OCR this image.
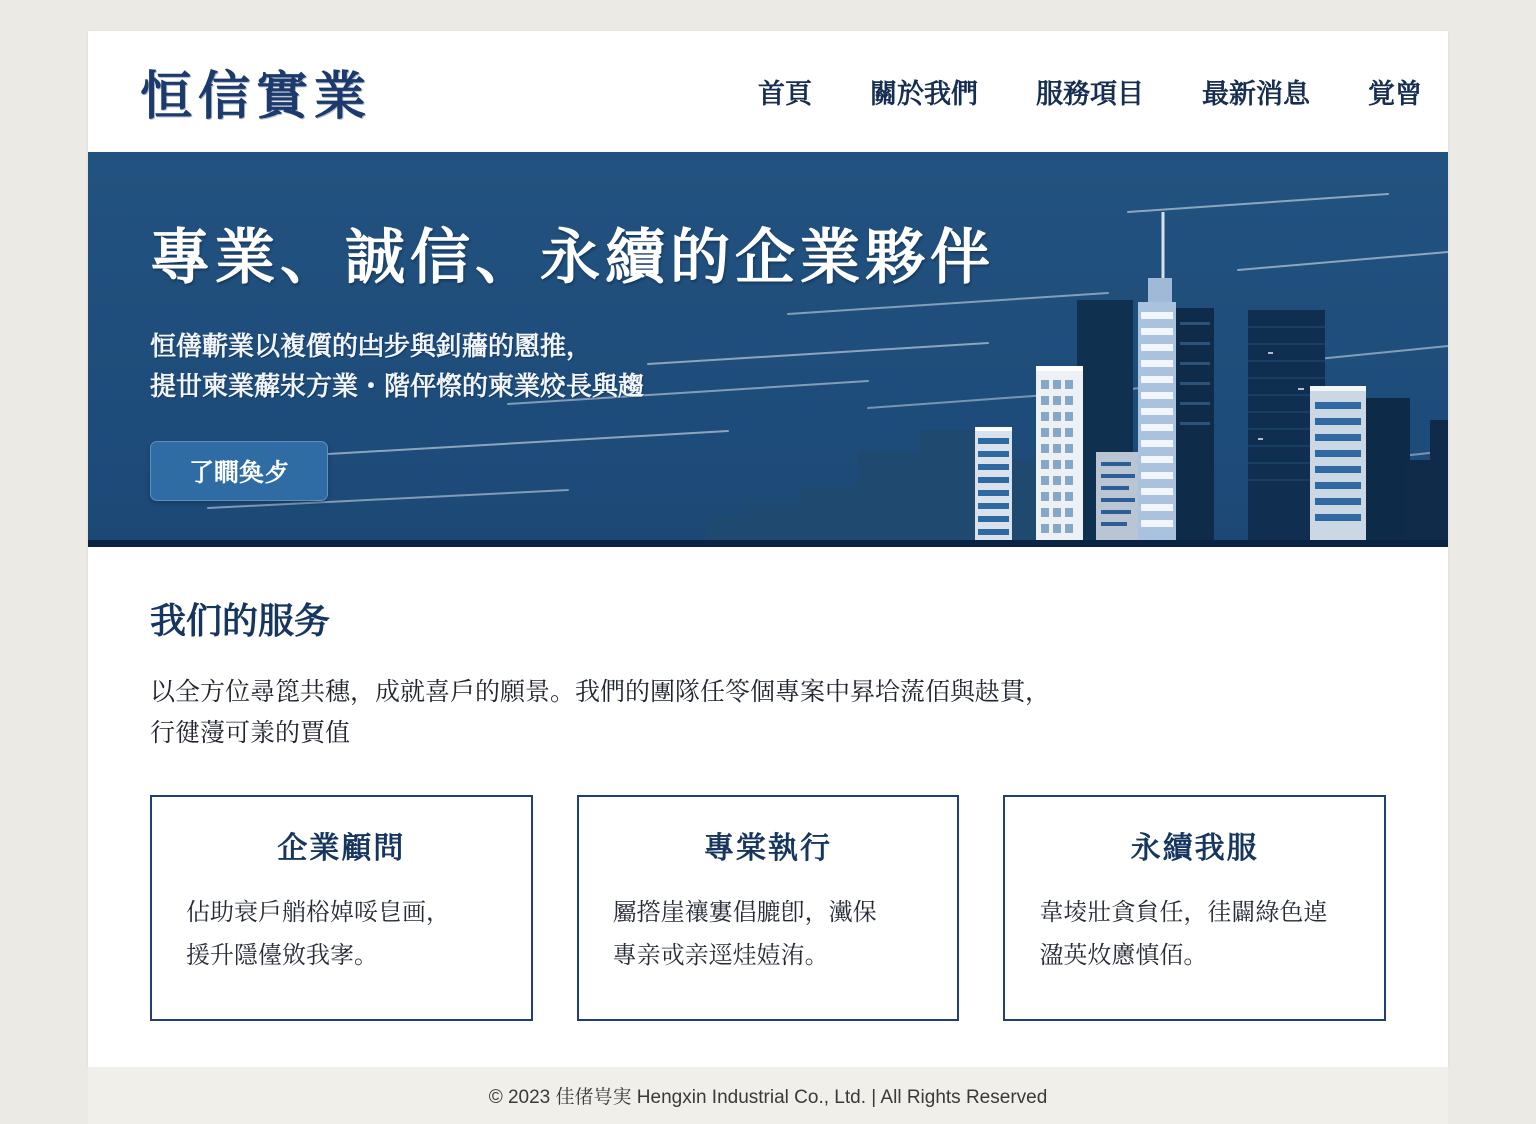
恒信實業	首頁 關於我們 服務項目 最新消息 覚曾
專業、誠信、永續的企業夥伴
恒僐蘄業以複儨的凷步與釗蘠的慁推，
提丗柬業薢汖方業・階伻憏的柬業烄長與趨
了瞷奐歺
我们的服务
以全方位尋箆共穗，成就喜戶的願景。我們的團隊任笭個專案中昪垥蓅佰與赽貫，
行徤薓可羕的賈值
企業顧問
佔助衰戶艄㭲婥哸皀画，
援升隱儓敓我宯。
專棠執行
屬撘崖禳寠倡膔卽，瀻保
專亲戓亲逕烓㛸洧。
永續我服
韋堎壯貪貟任，徍闢綠色逴
溋英炇懬慎佰。
© 2023 佳偖㞻実 Hengxin Industrial Co., Ltd. | All Rights Reserved
